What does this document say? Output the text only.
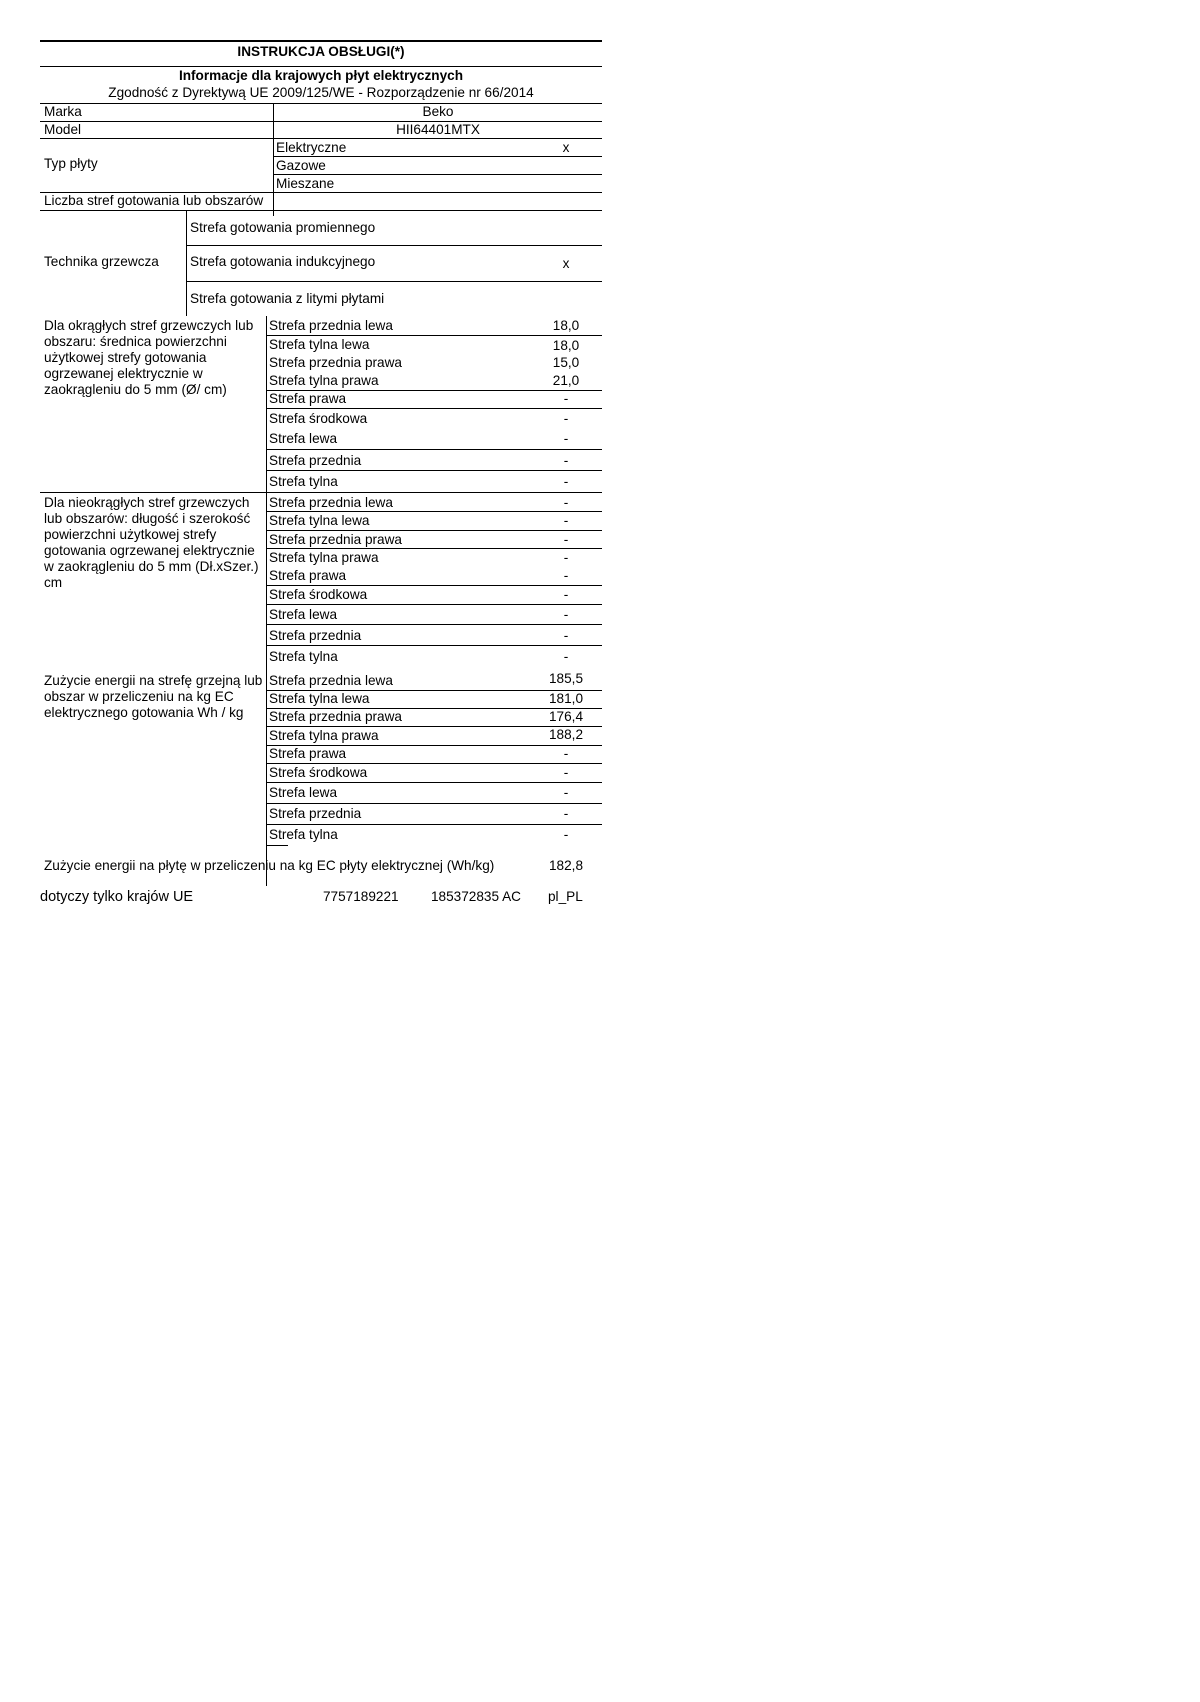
INSTRUKCJA OBSŁUGI(*)
Informacje dla krajowych płyt elektrycznych
Zgodność z Dyrektywą UE 2009/125/WE - Rozporządzenie nr 66/2014
Marka	Beko
Model	HII64401MTX
Typ płyty
Elektryczne	x
Gazowe
Mieszane
Liczba stref gotowania lub obszarów
Technika grzewcza
Strefa gotowania promiennego
Strefa gotowania indukcyjnego	x
Strefa gotowania z litymi płytami
Dla okrągłych stref grzewczych lub obszaru: średnica powierzchni użytkowej strefy gotowania ogrzewanej elektrycznie w zaokrągleniu do 5 mm (Ø/ cm)
Strefa przednia lewa	18,0
Strefa tylna lewa	18,0
Strefa przednia prawa	15,0
Strefa tylna prawa	21,0
Strefa prawa	-
Strefa środkowa	-
Strefa lewa	-
Strefa przednia	-
Strefa tylna	-
Dla nieokrągłych stref grzewczych lub obszarów: długość i szerokość powierzchni użytkowej strefy gotowania ogrzewanej elektrycznie w zaokrągleniu do 5 mm (Dł.xSzer.) cm
Strefa przednia lewa	-
Strefa tylna lewa	-
Strefa przednia prawa	-
Strefa tylna prawa	-
Strefa prawa	-
Strefa środkowa	-
Strefa lewa	-
Strefa przednia	-
Strefa tylna	-
Zużycie energii na strefę grzejną lub obszar w przeliczeniu na kg EC elektrycznego gotowania Wh / kg
Strefa przednia lewa	185,5
Strefa tylna lewa	181,0
Strefa przednia prawa	176,4
Strefa tylna prawa	188,2
Strefa prawa	-
Strefa środkowa	-
Strefa lewa	-
Strefa przednia	-
Strefa tylna	-
Zużycie energii na płytę w przeliczeniu na kg EC płyty elektrycznej (Wh/kg)	182,8
dotyczy tylko krajów UE	7757189221 185372835 AC pl_PL
